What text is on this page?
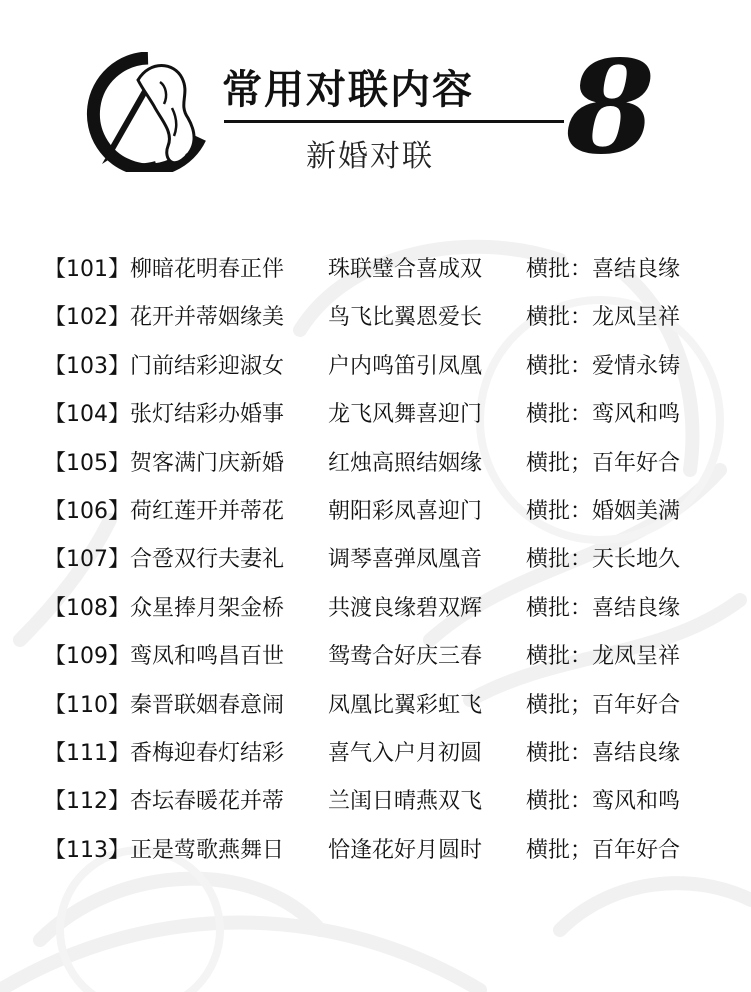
常用对联内容
新婚对联 8
【101】柳暗花明春正伴 珠联璧合喜成双 横批：喜结良缘
【102】花开并蒂姻缘美 鸟飞比翼恩爱长 横批：龙凤呈祥
【103】门前结彩迎淑女 户内鸣笛引凤凰 横批：爱情永铸
【104】张灯结彩办婚事 龙飞风舞喜迎门 横批：鸾风和鸣
【105】贺客满门庆新婚 红烛高照结姻缘 横批；百年好合
【106】荷红莲开并蒂花 朝阳彩凤喜迎门 横批：婚姻美满
【107】合卺双行夫妻礼 调琴喜弹凤凰音 横批：天长地久
【108】众星捧月架金桥 共渡良缘碧双辉 横批：喜结良缘
【109】鸾凤和鸣昌百世 鸳鸯合好庆三春 横批：龙凤呈祥
【110】秦晋联姻春意闹 凤凰比翼彩虹飞 横批；百年好合
【111】香梅迎春灯结彩 喜气入户月初圆 横批：喜结良缘
【112】杏坛春暖花并蒂 兰闺日晴燕双飞 横批：鸾风和鸣
【113】正是莺歌燕舞日 恰逢花好月圆时 横批；百年好合
